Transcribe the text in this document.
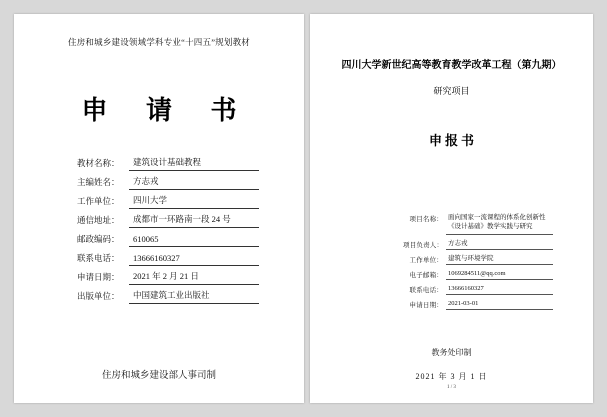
住房和城乡建设领域学科专业“十四五”规划教材
申 请 书
教材名称：	建筑设计基础教程
主编姓名：	方志戎
工作单位：	四川大学
通信地址：	成都市一环路南一段 24 号
邮政编码：	610065
联系电话：	13666160327
申请日期：	2021 年 2 月 21 日
出版单位：	中国建筑工业出版社
住房和城乡建设部人事司制
四川大学新世纪高等教育教学改革工程（第九期）
研究项目
申报书
项目名称： 面向国家一流课程的体系化创新性《设计基础》教学实践与研究
项目负责人： 方志戎
工作单位： 建筑与环境学院
电子邮箱： 1069284511@qq.com
联系电话： 13666160327
申请日期： 2021-03-01
教务处印制
2021 年 3 月 1 日
1 / 3
